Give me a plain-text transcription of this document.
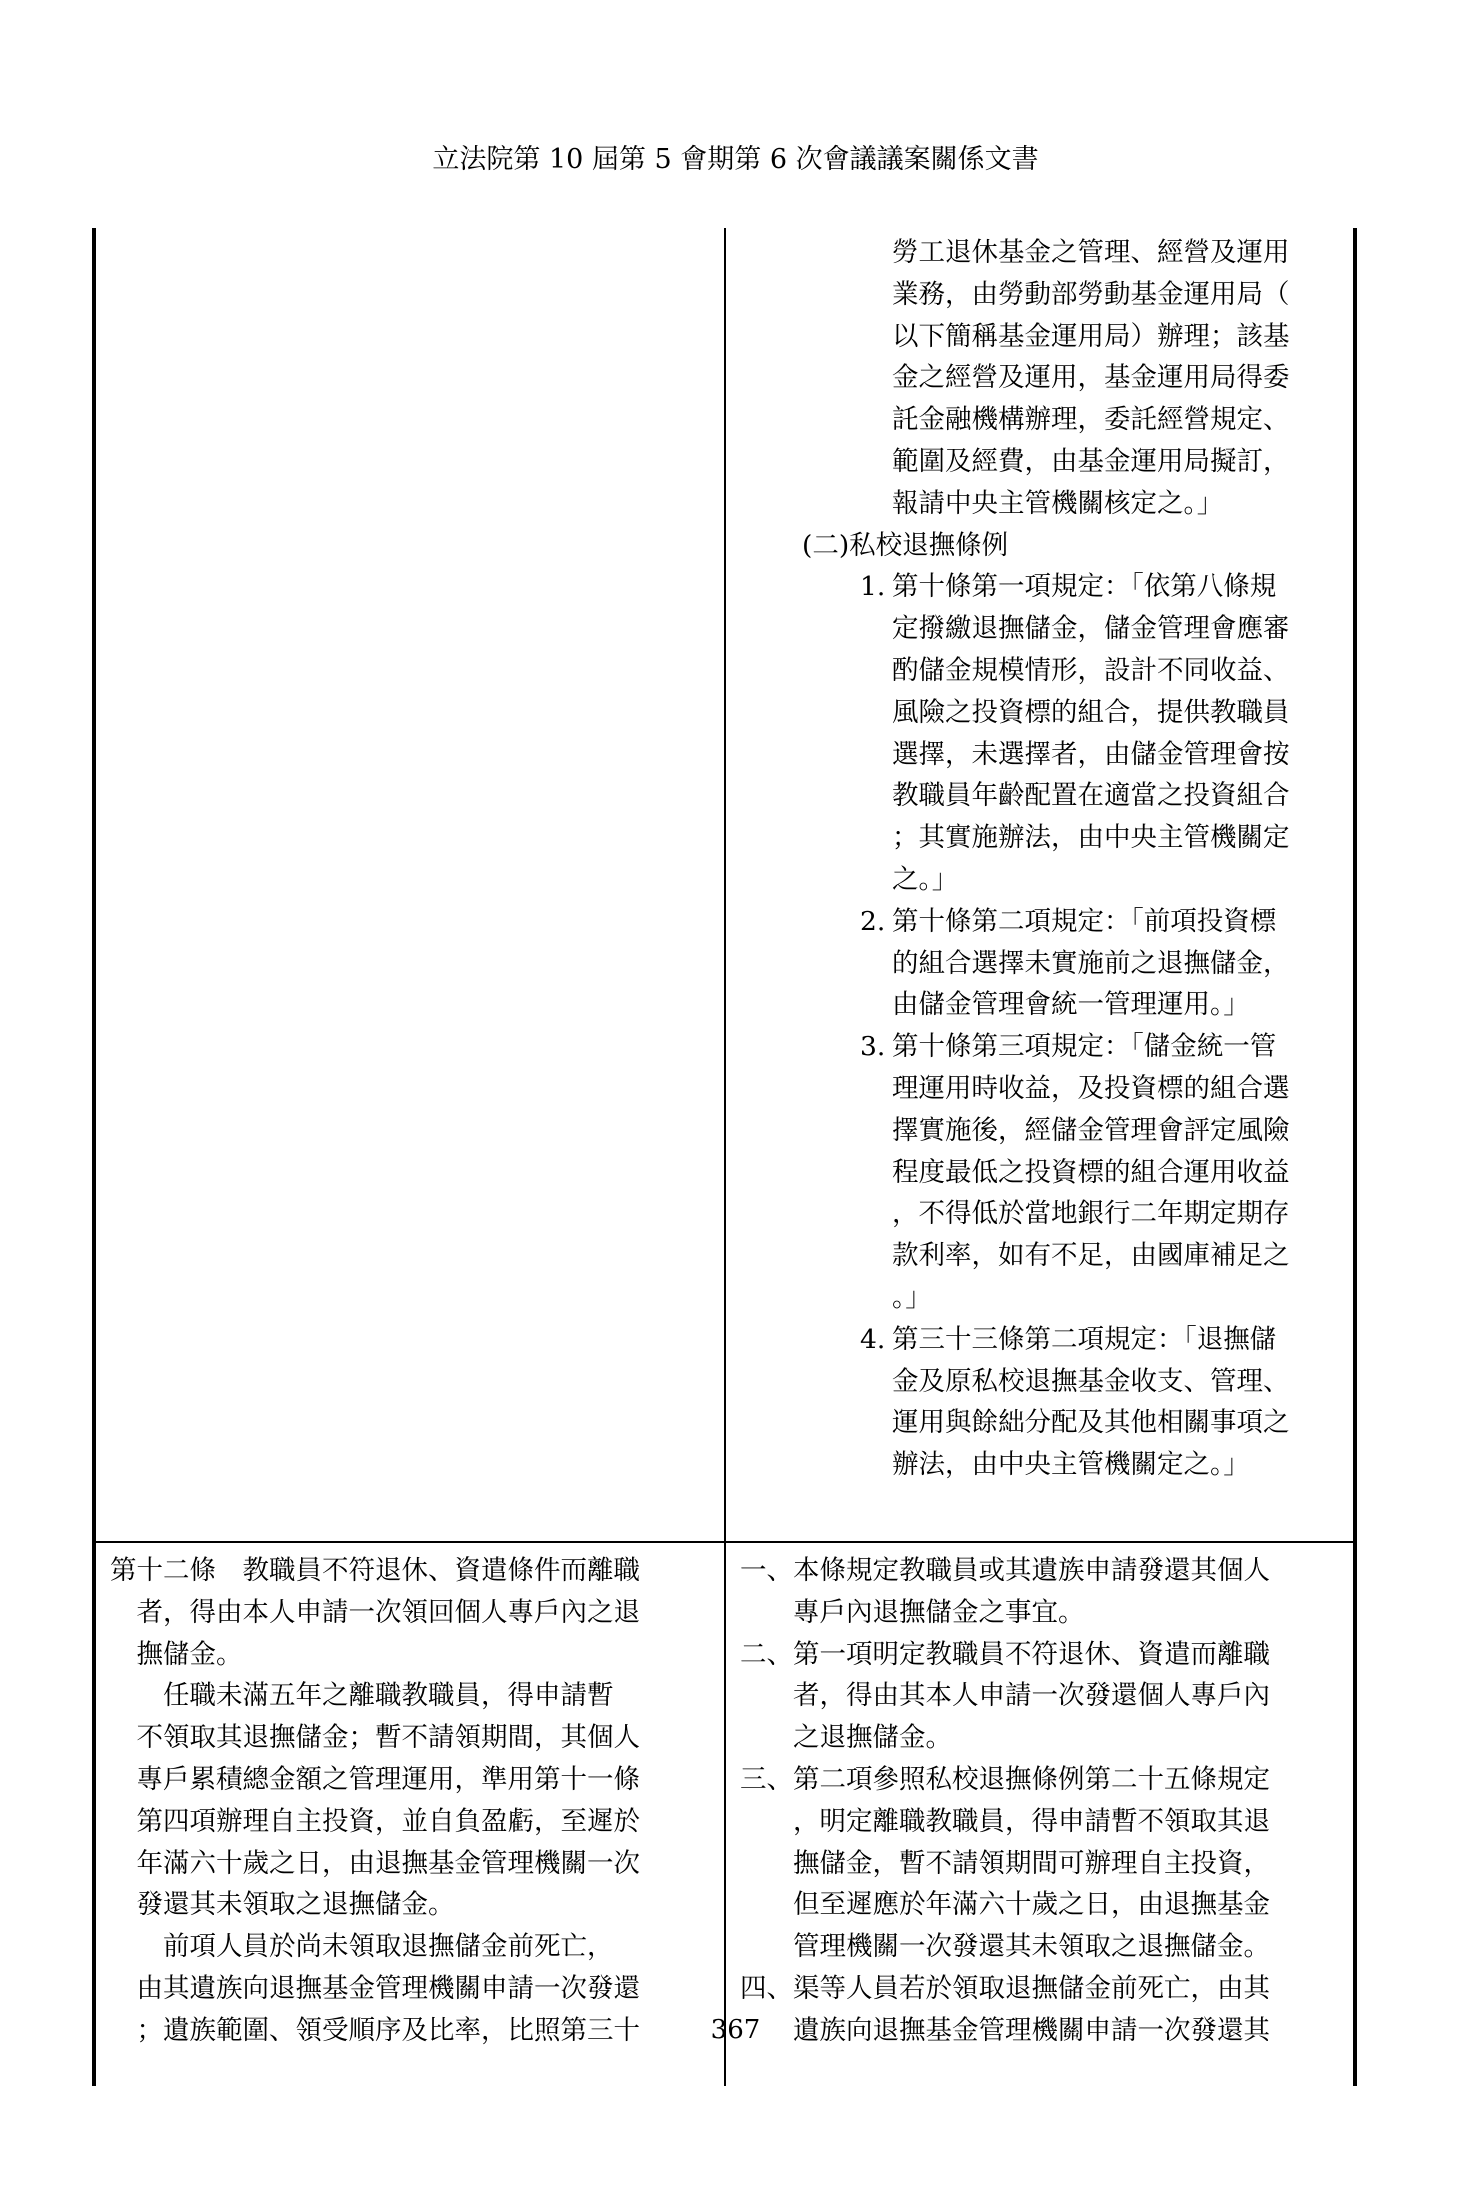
立法院第 10 屆第 5 會期第 6 次會議議案關係文書
勞工退休基金之管理、經營及運用
業務，由勞動部勞動基金運用局（
以下簡稱基金運用局）辦理；該基
金之經營及運用，基金運用局得委
託金融機構辦理，委託經營規定、
範圍及經費，由基金運用局擬訂，
報請中央主管機關核定之。」
(二)私校退撫條例
1. 第十條第一項規定：「依第八條規
定撥繳退撫儲金，儲金管理會應審
酌儲金規模情形，設計不同收益、
風險之投資標的組合，提供教職員
選擇，未選擇者，由儲金管理會按
教職員年齡配置在適當之投資組合
；其實施辦法，由中央主管機關定
之。」
2. 第十條第二項規定：「前項投資標
的組合選擇未實施前之退撫儲金，
由儲金管理會統一管理運用。」
3. 第十條第三項規定：「儲金統一管
理運用時收益，及投資標的組合選
擇實施後，經儲金管理會評定風險
程度最低之投資標的組合運用收益
，不得低於當地銀行二年期定期存
款利率，如有不足，由國庫補足之
。」
4. 第三十三條第二項規定：「退撫儲
金及原私校退撫基金收支、管理、
運用與餘絀分配及其他相關事項之
辦法，由中央主管機關定之。」
第十二條　教職員不符退休、資遣條件而離職
　者，得由本人申請一次領回個人專戶內之退
　撫儲金。
　　任職未滿五年之離職教職員，得申請暫
　不領取其退撫儲金；暫不請領期間，其個人
　專戶累積總金額之管理運用，準用第十一條
　第四項辦理自主投資，並自負盈虧，至遲於
　年滿六十歲之日，由退撫基金管理機關一次
　發還其未領取之退撫儲金。
　　前項人員於尚未領取退撫儲金前死亡，
　由其遺族向退撫基金管理機關申請一次發還
　；遺族範圍、領受順序及比率，比照第三十
一、 本條規定教職員或其遺族申請發還其個人
專戶內退撫儲金之事宜。
二、 第一項明定教職員不符退休、資遣而離職
者，得由其本人申請一次發還個人專戶內
之退撫儲金。
三、 第二項參照私校退撫條例第二十五條規定
，明定離職教職員，得申請暫不領取其退
撫儲金，暫不請領期間可辦理自主投資，
但至遲應於年滿六十歲之日，由退撫基金
管理機關一次發還其未領取之退撫儲金。
四、 渠等人員若於領取退撫儲金前死亡，由其
遺族向退撫基金管理機關申請一次發還其
367
